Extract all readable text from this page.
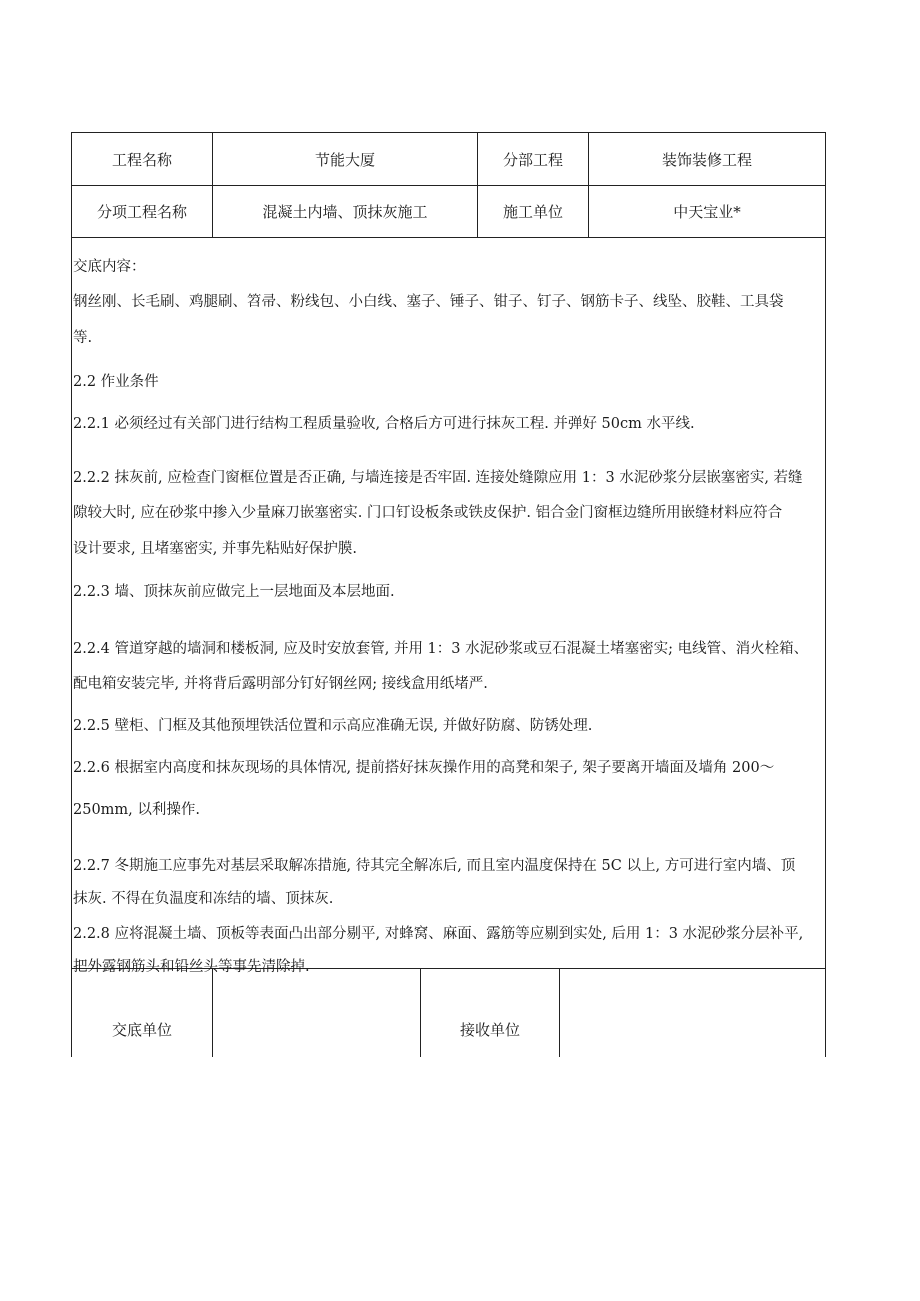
工程名称	节能大厦	分部工程	装饰装修工程
分项工程名称	混凝土内墙、顶抹灰施工	施工单位	中天宝业*
交底内容：
钢丝刚、长毛刷、鸡腿刷、笤帚、粉线包、小白线、塞子、锤子、钳子、钉子、钢筋卡子、线坠、胶鞋、工具袋
等.
2.2 作业条件
2.2.1 必须经过有关部门进行结构工程质量验收, 合格后方可进行抹灰工程. 并弹好 50cm 水平线.
2.2.2 抹灰前, 应检查门窗框位置是否正确, 与墙连接是否牢固. 连接处缝隙应用 1：3 水泥砂浆分层嵌塞密实, 若缝
隙较大时, 应在砂浆中掺入少量麻刀嵌塞密实. 门口钉设板条或铁皮保护. 铝合金门窗框边缝所用嵌缝材料应符合
设计要求, 且堵塞密实, 并事先粘贴好保护膜.
2.2.3 墙、顶抹灰前应做完上一层地面及本层地面.
2.2.4 管道穿越的墙洞和楼板洞, 应及时安放套管, 并用 1：3 水泥砂浆或豆石混凝土堵塞密实; 电线管、消火栓箱、
配电箱安装完毕, 并将背后露明部分钉好钢丝网; 接线盒用纸堵严.
2.2.5 壁柜、门框及其他预埋铁活位置和示高应准确无误, 并做好防腐、防锈处理.
2.2.6 根据室内高度和抹灰现场的具体情况, 提前搭好抹灰操作用的高凳和架子, 架子要离开墙面及墙角 200～
250mm, 以利操作.
2.2.7 冬期施工应事先对基层采取解冻措施, 待其完全解冻后, 而且室内温度保持在 5C 以上, 方可进行室内墙、顶
抹灰. 不得在负温度和冻结的墙、顶抹灰.
2.2.8 应将混凝土墙、顶板等表面凸出部分剔平, 对蜂窝、麻面、露筋等应剔到实处, 后用 1：3 水泥砂浆分层补平,
把外露钢筋头和铅丝头等事先清除掉.
交底单位	接收单位
